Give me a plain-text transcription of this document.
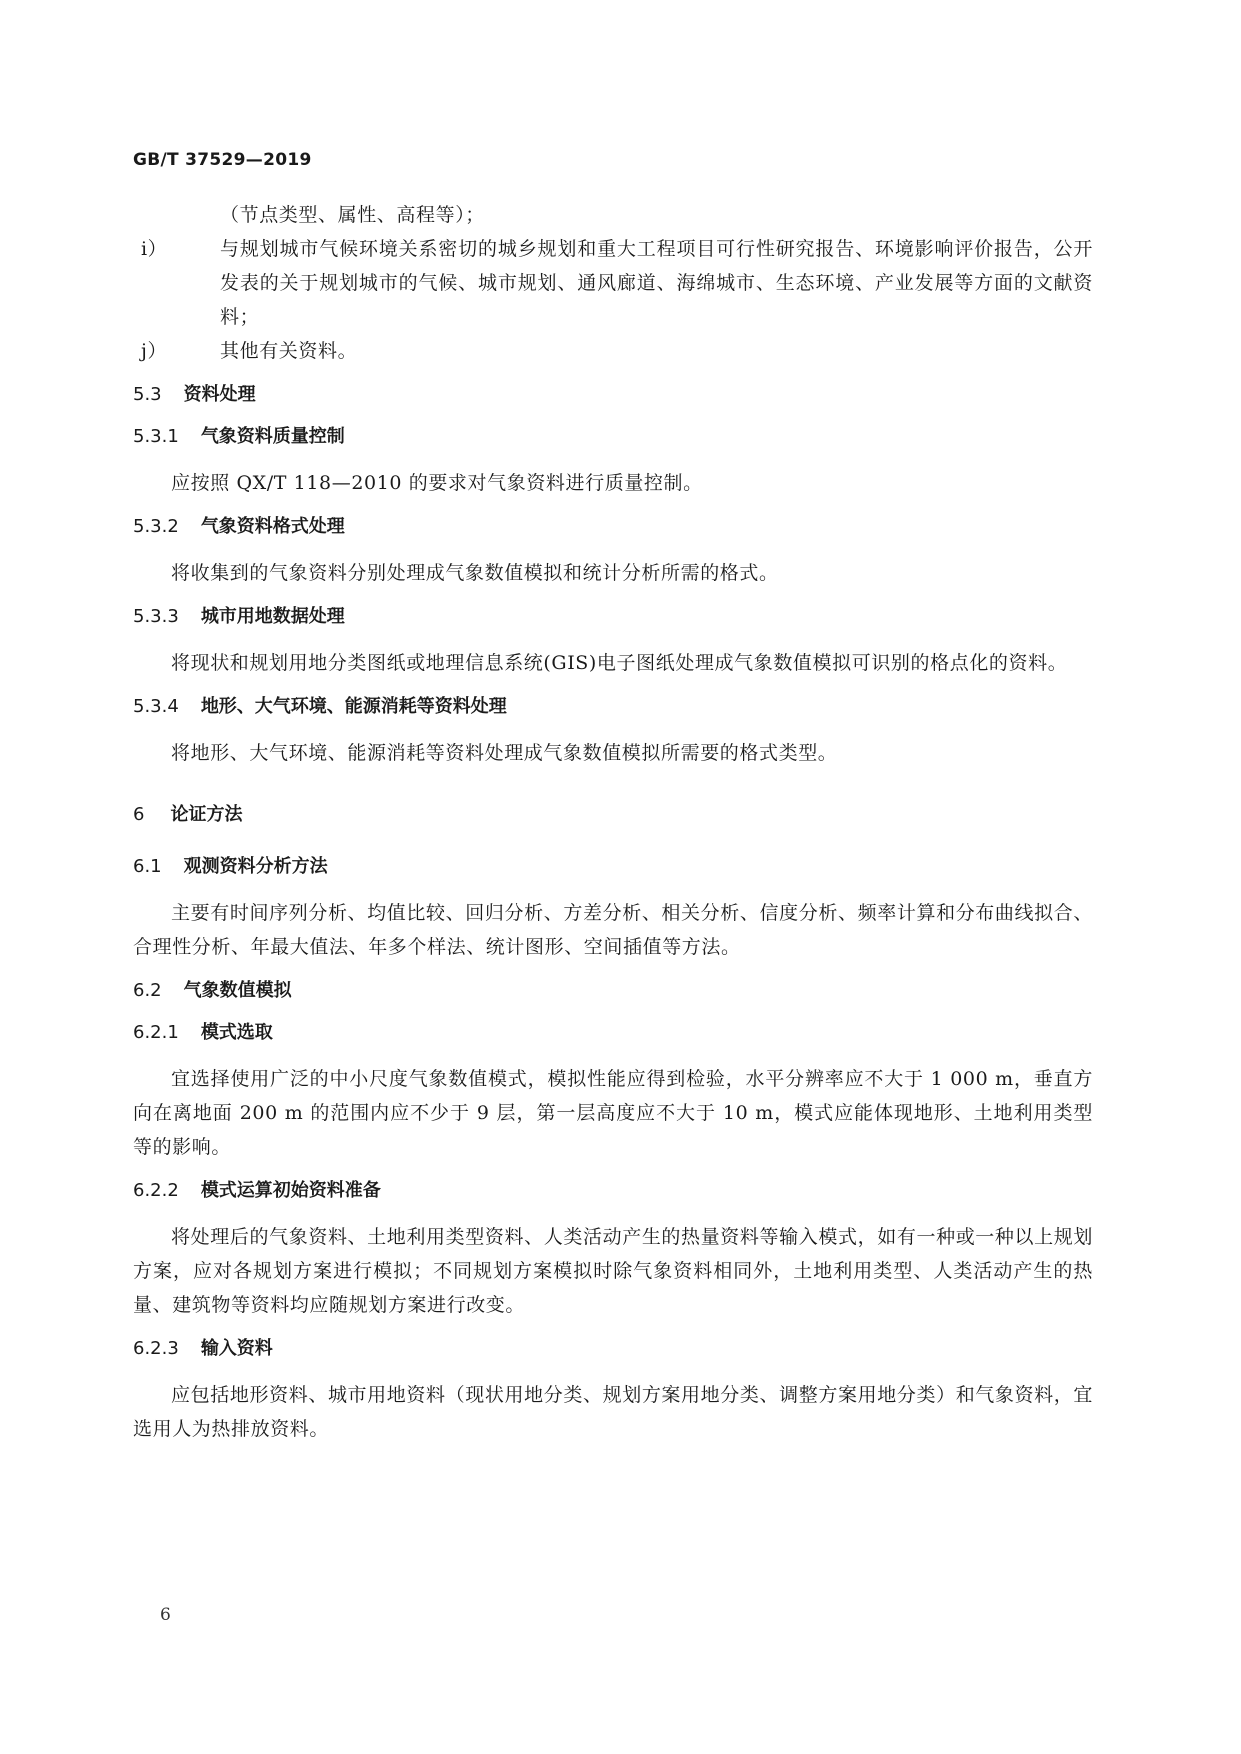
GB/T 37529—2019
（节点类型、属性、高程等）；
i）	与规划城市气候环境关系密切的城乡规划和重大工程项目可行性研究报告、环境影响评价报告，公开发表的关于规划城市的气候、城市规划、通风廊道、海绵城市、生态环境、产业发展等方面的文献资料；
j）	其他有关资料。
5.3 资料处理
5.3.1 气象资料质量控制

应按照 QX/T 118—2010 的要求对气象资料进行质量控制。

5.3.2 气象资料格式处理

将收集到的气象资料分别处理成气象数值模拟和统计分析所需的格式。

5.3.3 城市用地数据处理

将现状和规划用地分类图纸或地理信息系统(GIS)电子图纸处理成气象数值模拟可识别的格点化的资料。

5.3.4 地形、大气环境、能源消耗等资料处理

将地形、大气环境、能源消耗等资料处理成气象数值模拟所需要的格式类型。

6 论证方法
6.1 观测资料分析方法

主要有时间序列分析、均值比较、回归分析、方差分析、相关分析、信度分析、频率计算和分布曲线拟合、合理性分析、年最大值法、年多个样法、统计图形、空间插值等方法。

6.2 气象数值模拟
6.2.1 模式选取

宜选择使用广泛的中小尺度气象数值模式，模拟性能应得到检验，水平分辨率应不大于 1 000 m，垂直方向在离地面 200 m 的范围内应不少于 9 层，第一层高度应不大于 10 m，模式应能体现地形、土地利用类型等的影响。

6.2.2 模式运算初始资料准备

将处理后的气象资料、土地利用类型资料、人类活动产生的热量资料等输入模式，如有一种或一种以上规划方案，应对各规划方案进行模拟；不同规划方案模拟时除气象资料相同外，土地利用类型、人类活动产生的热量、建筑物等资料均应随规划方案进行改变。

6.2.3 输入资料

应包括地形资料、城市用地资料（现状用地分类、规划方案用地分类、调整方案用地分类）和气象资料，宜选用人为热排放资料。

6
